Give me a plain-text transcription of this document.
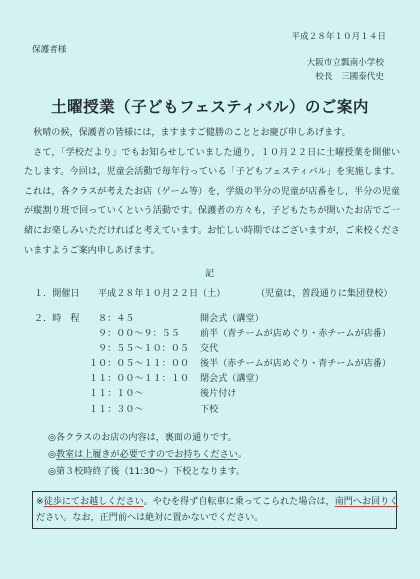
平成２８年１０月１４日
保護者様
大阪市立瓢南小学校
校長　三國泰代史
土曜授業（子どもフェスティバル）のご案内

秋晴の候，保護者の皆様には，ますますご健勝のこととお慶び申しあげます。

さて，「学校だより」でもお知らせしていました通り，１０月２２日に土曜授業を開催いたします。今回は，児童会活動で毎年行っている「子どもフェスティバル」を実施します。これは，各クラスが考えたお店（ゲーム等）を，学級の半分の児童が店番をし，半分の児童が縦割り班で回っていくという活動です。保護者の方々も，子どもたちが開いたお店でご一緒にお楽しみいただければと考えています。お忙しい時期ではございますが，ご来校くださいますようご案内申しあげます。

記
１．開催日 平成２８年１０月２２日（土）	（児童は，普段通りに集団登校）
２．時　程 ８：４５	開会式（講堂）
９：００～９：５５ 前半（青チームが店めぐり・赤チームが店番）
９：５５～１０：０５ 交代
１０：０５～１１：００ 後半（赤チームが店めぐり・青チームが店番）
１１：００～１１：１０ 閉会式（講堂）
１１：１０～	後片付け
１１：３０～	下校
◎各クラスのお店の内容は，裏面の通りです。
◎教室は上履きが必要ですのでお持ちください。
◎第３校時終了後（11:30～）下校となります。
※徒歩にてお越しください。やむを得ず自転車に乗ってこられた場合は，南門へお回りく
ださい。なお，正門前へは絶対に置かないでください。
